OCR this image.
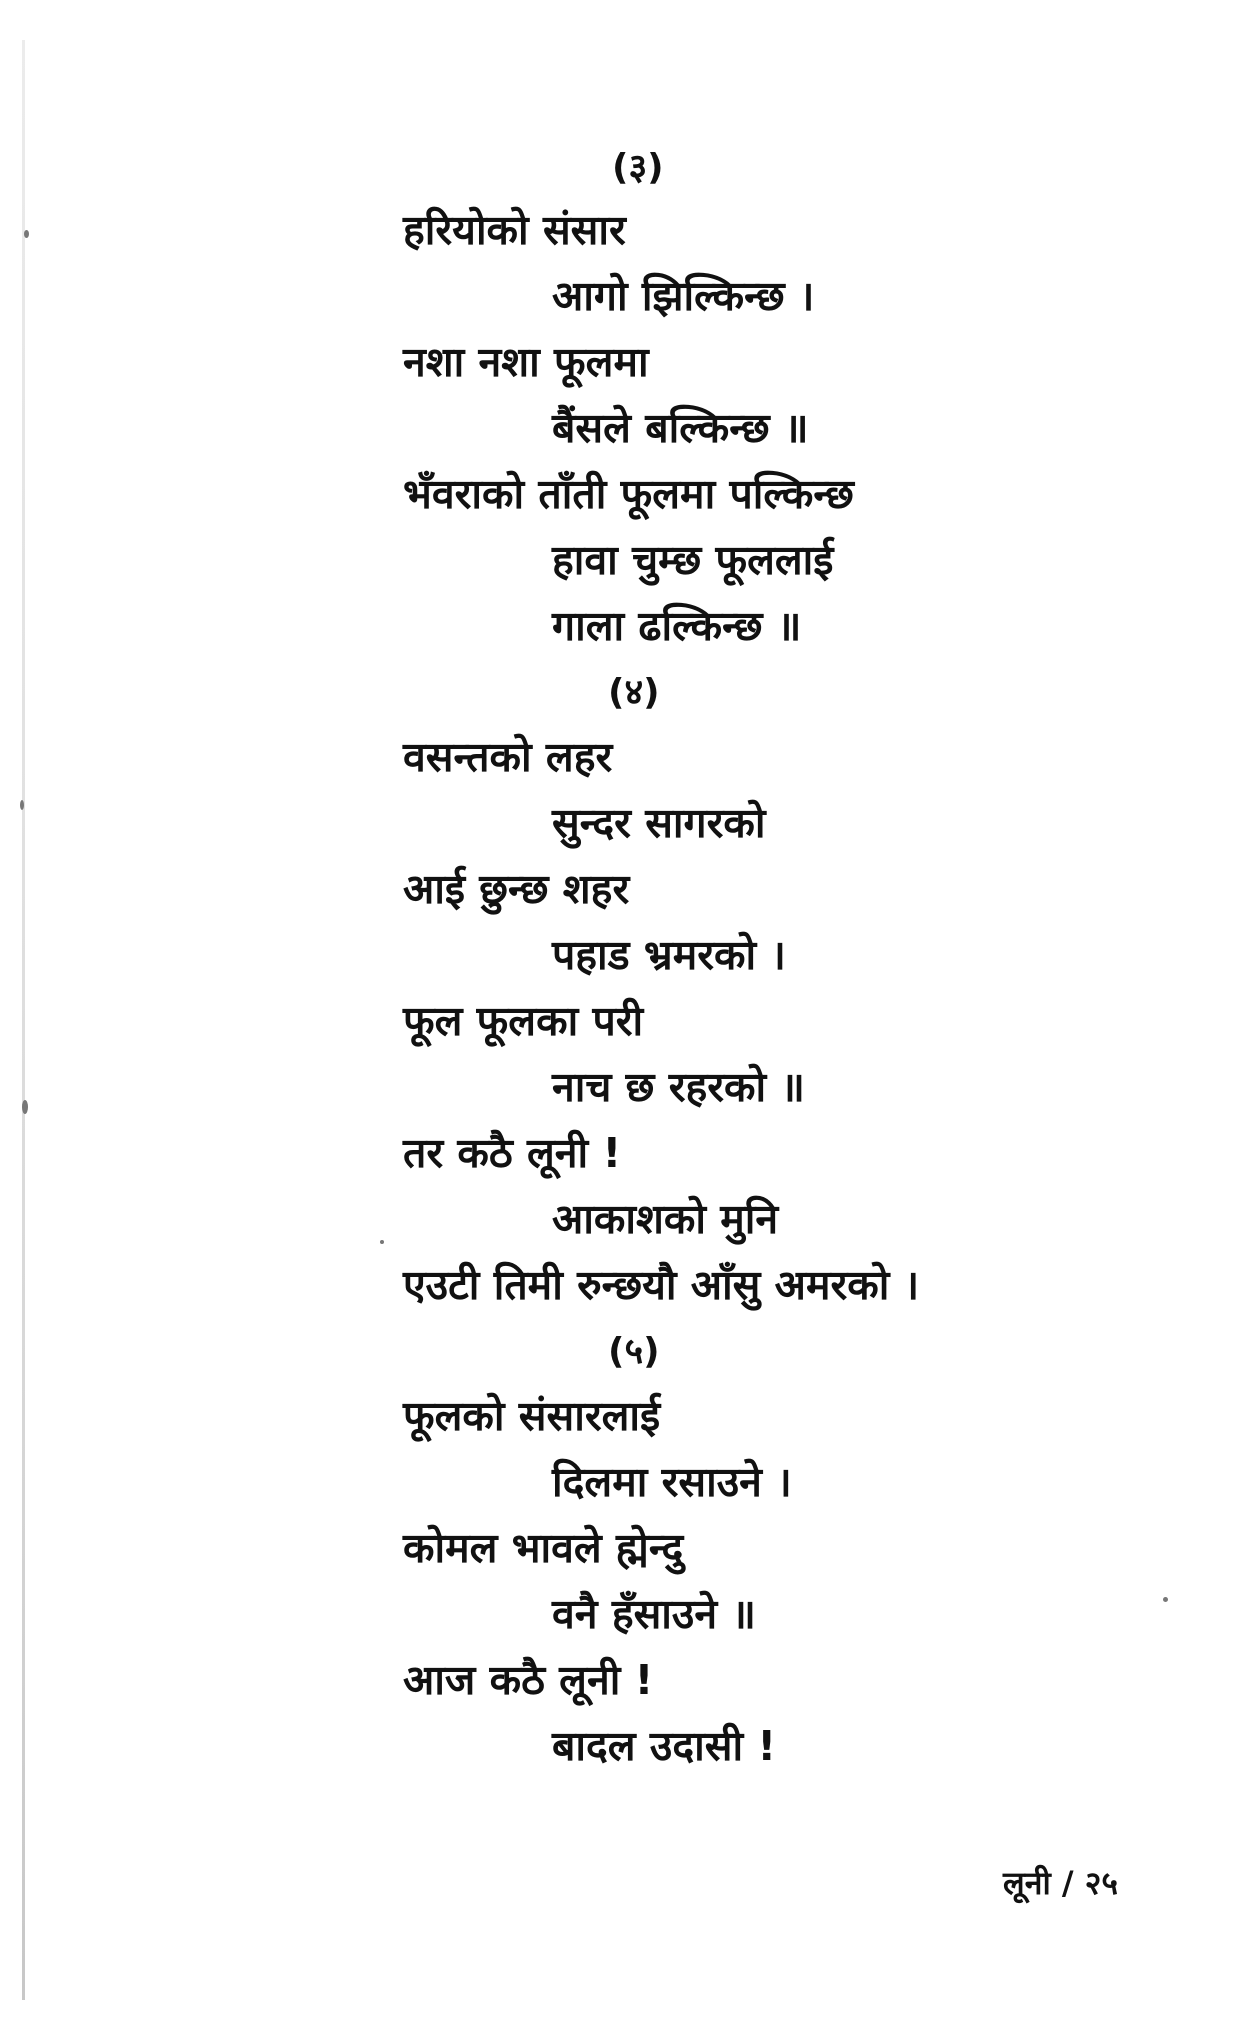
(३)
हरियोको संसार
आगो झिल्किन्छ ।
नशा नशा फूलमा
बैंसले बल्किन्छ ॥
भँवराको ताँती फूलमा पल्किन्छ
हावा चुम्छ फूललाई
गाला ढल्किन्छ ॥
(४)
वसन्तको लहर
सुन्दर सागरको
आई छुन्छ शहर
पहाड भ्रमरको ।
फूल फूलका परी
नाच छ रहरको ॥
तर कठै लूनी !
आकाशको मुनि
एउटी तिमी रुन्छयौ आँसु अमरको ।
(५)
फूलको संसारलाई
दिलमा रसाउने ।
कोमल भावले ह्मेन्दु
वनै हँसाउने ॥
आज कठै लूनी !
बादल उदासी !
लूनी / २५
